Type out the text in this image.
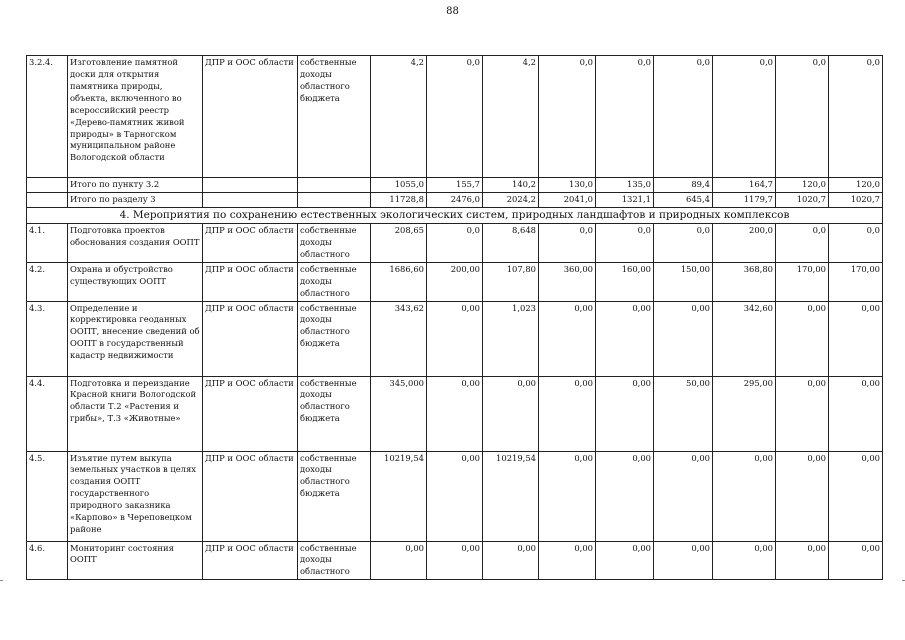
88
3.2.4.	Изготовление памятной доски для открытия памятника природы, объекта, включенного во всероссийский реестр «Дерево-памятник живой природы» в Тарногском муниципальном районе Вологодской области	ДПР и ООС области	собственные доходы областного бюджета	4,2	0,0	4,2	0,0	0,0	0,0	0,0	0,0	0,0
	Итого по пункту 3.2			1055,0	155,7	140,2	130,0	135,0	89,4	164,7	120,0	120,0
	Итого по разделу 3			11728,8	2476,0	2024,2	2041,0	1321,1	645,4	1179,7	1020,7	1020,7
4. Мероприятия по сохранению естественных экологических систем, природных ландшафтов и природных комплексов												
4.1.	Подготовка проектов обоснования создания ООПТ	ДПР и ООС области	собственные доходы областного	208,65	0,0	8,648	0,0	0,0	0,0	200,0	0,0	0,0
4.2.	Охрана и обустройство существующих ООПТ	ДПР и ООС области	собственные доходы областного	1686,60	200,00	107,80	360,00	160,00	150,00	368,80	170,00	170,00
4.3.	Определение и корректировка геоданных ООПТ, внесение сведений об ООПТ в государственный кадастр недвижимости	ДПР и ООС области	собственные доходы областного бюджета	343,62	0,00	1,023	0,00	0,00	0,00	342,60	0,00	0,00
4.4.	Подготовка и переиздание Красной книги Вологодской области Т.2 «Растения и грибы», Т.3 «Животные»	ДПР и ООС области	собственные доходы областного бюджета	345,000	0,00	0,00	0,00	0,00	50,00	295,00	0,00	0,00
4.5.	Изъятие путем выкупа земельных участков в целях создания ООПТ государственного природного заказника «Карпово» в Череповецком районе	ДПР и ООС области	собственные доходы областного бюджета	10219,54	0,00	10219,54	0,00	0,00	0,00	0,00	0,00	0,00
4.6.	Мониторинг состояния ООПТ	ДПР и ООС области	собственные доходы областного	0,00	0,00	0,00	0,00	0,00	0,00	0,00	0,00	0,00
